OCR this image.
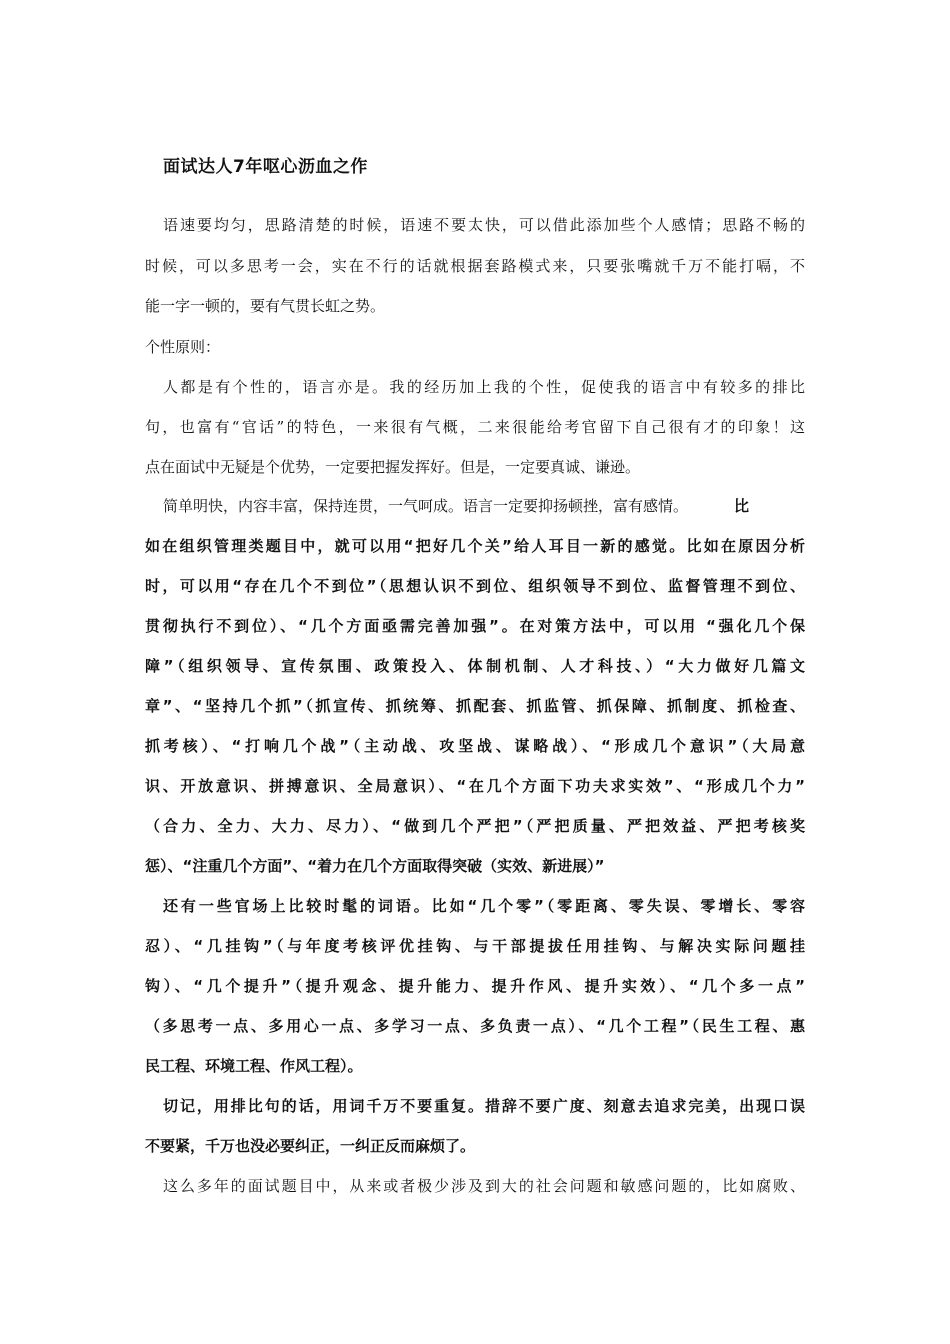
面试达人7年呕心沥血之作
语速要均匀，思路清楚的时候，语速不要太快，可以借此添加些个人感情；思路不畅的
时候，可以多思考一会，实在不行的话就根据套路模式来，只要张嘴就千万不能打嗝，不
能一字一顿的，要有气贯长虹之势。
个性原则：
人都是有个性的，语言亦是。我的经历加上我的个性，促使我的语言中有较多的排比
句，也富有“官话”的特色，一来很有气概，二来很能给考官留下自己很有才的印象！这
点在面试中无疑是个优势，一定要把握发挥好。但是，一定要真诚、谦逊。
简单明快，内容丰富，保持连贯，一气呵成。语言一定要抑扬顿挫，富有感情。	比
如在组织管理类题目中，就可以用“把好几个关”给人耳目一新的感觉。比如在原因分析
时，可以用“存在几个不到位”（思想认识不到位、组织领导不到位、监督管理不到位、
贯彻执行不到位）、“几个方面亟需完善加强”。在对策方法中，可以用 “强化几个保
障”（组织领导、宣传氛围、政策投入、体制机制、人才科技、）“大力做好几篇文
章”、“坚持几个抓”（抓宣传、抓统筹、抓配套、抓监管、抓保障、抓制度、抓检查、
抓考核）、“打响几个战”（主动战、攻坚战、谋略战）、“形成几个意识”（大局意
识、开放意识、拼搏意识、全局意识）、“在几个方面下功夫求实效”、“形成几个力”
（合力、全力、大力、尽力）、“做到几个严把”（严把质量、严把效益、严把考核奖
惩）、“注重几个方面”、“着力在几个方面取得突破（实效、新进展）”
还有一些官场上比较时髦的词语。比如“几个零”（零距离、零失误、零增长、零容
忍）、“几挂钩”（与年度考核评优挂钩、与干部提拔任用挂钩、与解决实际问题挂
钩）、“几个提升”（提升观念、提升能力、提升作风、提升实效）、“几个多一点”
（多思考一点、多用心一点、多学习一点、多负责一点）、“几个工程”（民生工程、惠
民工程、环境工程、作风工程）。
切记，用排比句的话，用词千万不要重复。措辞不要广度、刻意去追求完美，出现口误
不要紧，千万也没必要纠正，一纠正反而麻烦了。
这么多年的面试题目中，从来或者极少涉及到大的社会问题和敏感问题的，比如腐败、
